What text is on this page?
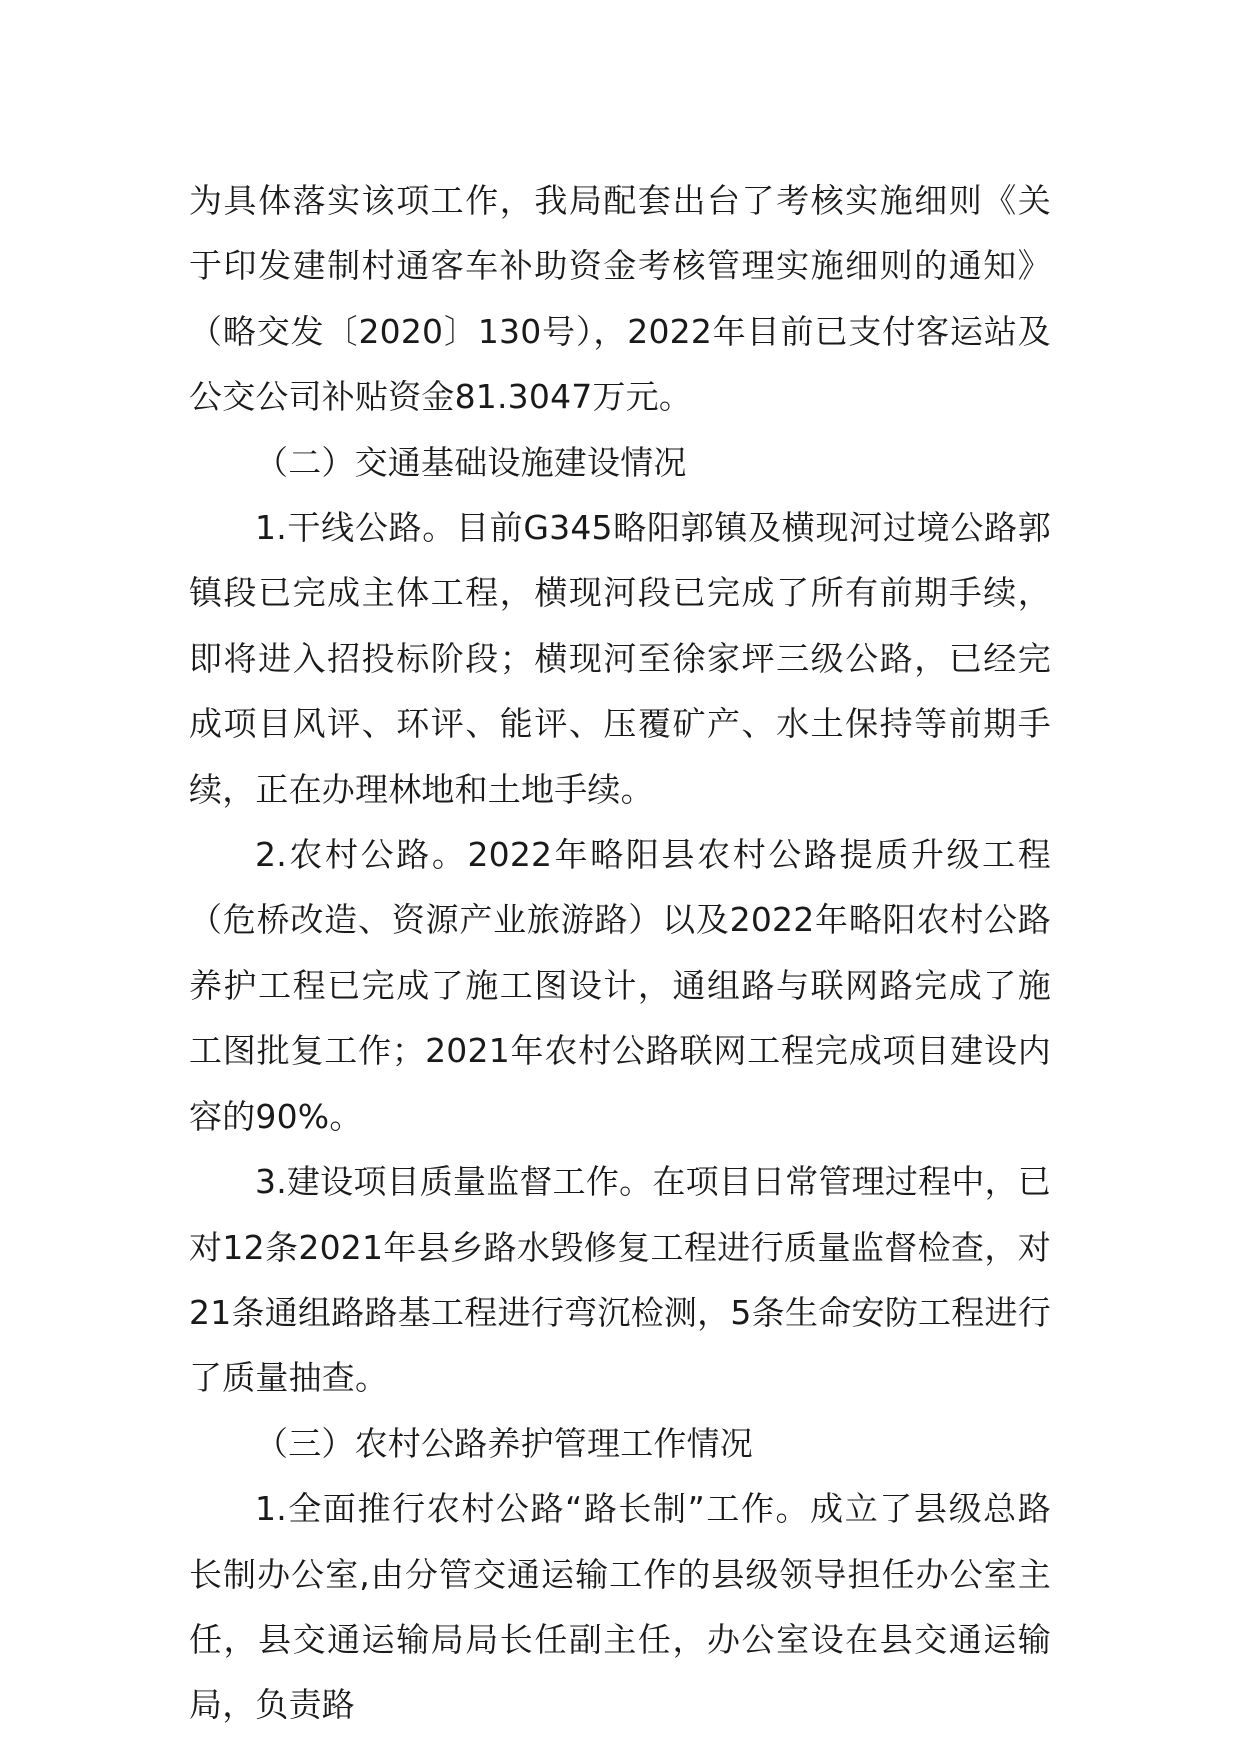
为具体落实该项工作，我局配套出台了考核实施细则《关于印发建制村通客车补助资金考核管理实施细则的通知》（略交发〔2020〕130号），2022年目前已支付客运站及公交公司补贴资金81.3047万元。

（二）交通基础设施建设情况

1.干线公路。目前G345略阳郭镇及横现河过境公路郭镇段已完成主体工程，横现河段已完成了所有前期手续，即将进入招投标阶段；横现河至徐家坪三级公路，已经完成项目风评、环评、能评、压覆矿产、水土保持等前期手续，正在办理林地和土地手续。

2.农村公路。2022年略阳县农村公路提质升级工程（危桥改造、资源产业旅游路）以及2022年略阳农村公路养护工程已完成了施工图设计，通组路与联网路完成了施工图批复工作；2021年农村公路联网工程完成项目建设内容的90%。

3.建设项目质量监督工作。在项目日常管理过程中，已对12条2021年县乡路水毁修复工程进行质量监督检查，对21条通组路路基工程进行弯沉检测，5条生命安防工程进行了质量抽查。

（三）农村公路养护管理工作情况

1.全面推行农村公路“路长制”工作。成立了县级总路长制办公室,由分管交通运输工作的县级领导担任办公室主任，县交通运输局局长任副主任，办公室设在县交通运输局，负责路
